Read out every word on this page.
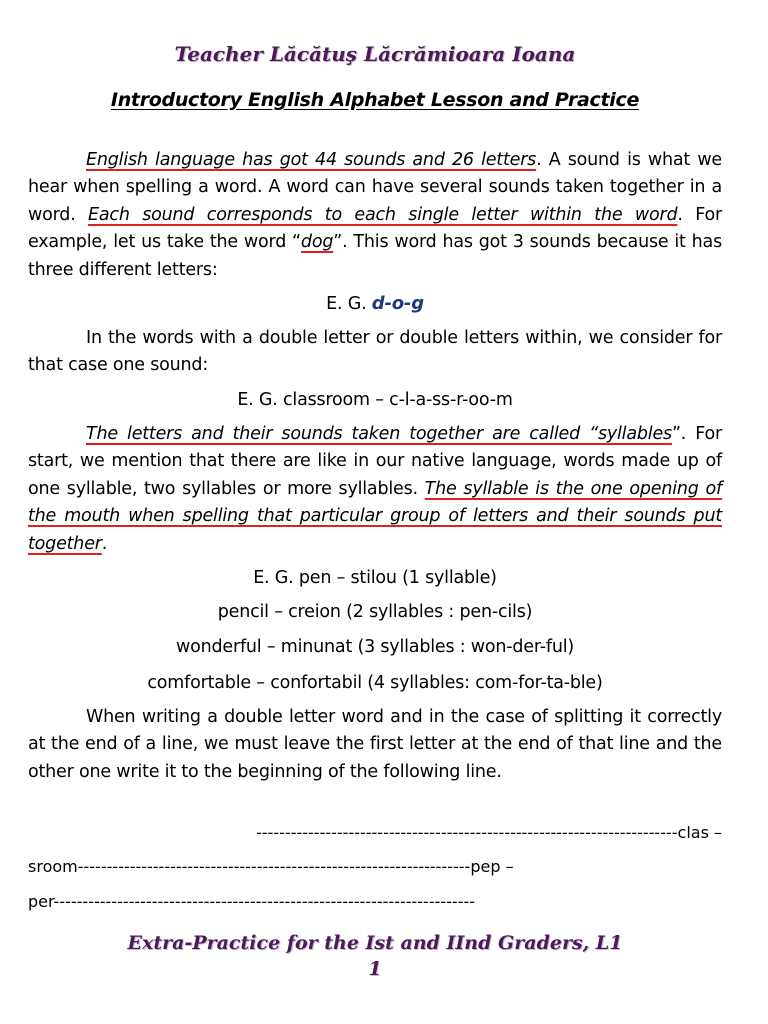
Teacher Lăcătuş Lăcrămioara Ioana
Introductory English Alphabet Lesson and Practice
English language has got 44 sounds and 26 letters. A sound is what we hear when spelling a word. A word can have several sounds taken together in a word. Each sound corresponds to each single letter within the word. For example, let us take the word “dog”. This word has got 3 sounds because it has three different letters:
E. G. d-o-g
In the words with a double letter or double letters within, we consider for that case one sound:
E. G. classroom – c-l-a-ss-r-oo-m
The letters and their sounds taken together are called “syllables”. For start, we mention that there are like in our native language, words made up of one syllable, two syllables or more syllables. The syllable is the one opening of the mouth when spelling that particular group of letters and their sounds put together.
E. G. pen – stilou (1 syllable)
pencil – creion (2 syllables : pen-cils)
wonderful – minunat (3 syllables : won-der-ful)
comfortable – confortabil (4 syllables: com-for-ta-ble)
When writing a double letter word and in the case of splitting it correctly at the end of a line, we must leave the first letter at the end of that line and the other one write it to the beginning of the following line.
-------------------------------------------------------------------------clas –
sroom--------------------------------------------------------------------pep –
per-------------------------------------------------------------------------
Extra-Practice for the Ist and IInd Graders, L1
1
